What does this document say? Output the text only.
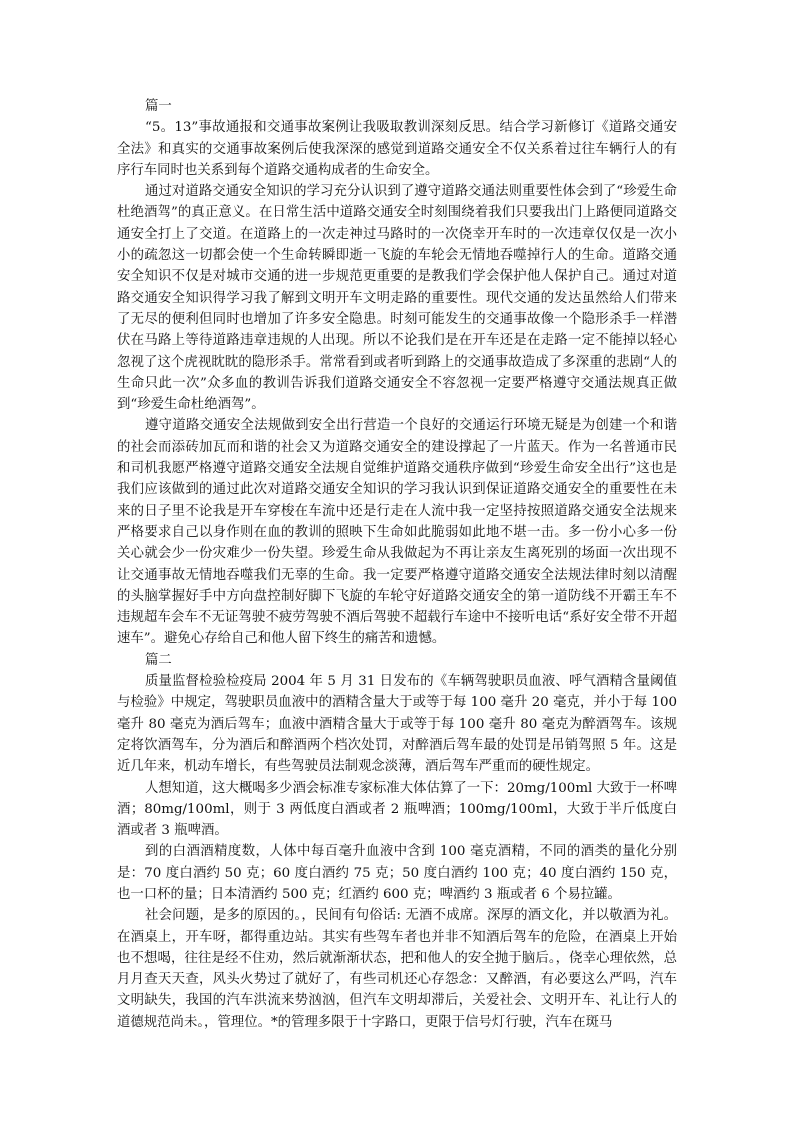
篇一

“5。13”事故通报和交通事故案例让我吸取教训深刻反思。结合学习新修订《道路交通安全法》和真实的交通事故案例后使我深深的感觉到道路交通安全不仅关系着过往车辆行人的有序行车同时也关系到每个道路交通构成者的生命安全。

通过对道路交通安全知识的学习充分认识到了遵守道路交通法则重要性体会到了“珍爱生命杜绝酒驾”的真正意义。在日常生活中道路交通安全时刻围绕着我们只要我出门上路便同道路交通安全打上了交道。在道路上的一次走神过马路时的一次侥幸开车时的一次违章仅仅是一次小小的疏忽这一切都会使一个生命转瞬即逝一飞旋的车轮会无情地吞噬掉行人的生命。道路交通安全知识不仅是对城市交通的进一步规范更重要的是教我们学会保护他人保护自己。通过对道路交通安全知识得学习我了解到文明开车文明走路的重要性。现代交通的发达虽然给人们带来了无尽的便利但同时也增加了许多安全隐患。时刻可能发生的交通事故像一个隐形杀手一样潜伏在马路上等待道路违章违规的人出现。所以不论我们是在开车还是在走路一定不能掉以轻心忽视了这个虎视眈眈的隐形杀手。常常看到或者听到路上的交通事故造成了多深重的悲剧“人的生命只此一次”众多血的教训告诉我们道路交通安全不容忽视一定要严格遵守交通法规真正做到“珍爱生命杜绝酒驾”。

遵守道路交通安全法规做到安全出行营造一个良好的交通运行环境无疑是为创建一个和谐的社会而添砖加瓦而和谐的社会又为道路交通安全的建设撑起了一片蓝天。作为一名普通市民和司机我愿严格遵守道路交通安全法规自觉维护道路交通秩序做到“珍爱生命安全出行”这也是我们应该做到的通过此次对道路交通安全知识的学习我认识到保证道路交通安全的重要性在未来的日子里不论我是开车穿梭在车流中还是行走在人流中我一定坚持按照道路交通安全法规来严格要求自己以身作则在血的教训的照映下生命如此脆弱如此地不堪一击。多一份小心多一份关心就会少一份灾难少一份失望。珍爱生命从我做起为不再让亲友生离死别的场面一次出现不让交通事故无情地吞噬我们无辜的生命。我一定要严格遵守道路交通安全法规法律时刻以清醒的头脑掌握好手中方向盘控制好脚下飞旋的车轮守好道路交通安全的第一道防线不开霸王车不违规超车会车不无证驾驶不疲劳驾驶不酒后驾驶不超载行车途中不接听电话“系好安全带不开超速车”。避免心存给自己和他人留下终生的痛苦和遗憾。

篇二

质量监督检验检疫局 2004 年 5 月 31 日发布的《车辆驾驶职员血液、呼气酒精含量阈值与检验》中规定，驾驶职员血液中的酒精含量大于或等于每 100 毫升 20 毫克，并小于每 100 毫升 80 毫克为酒后驾车；血液中酒精含量大于或等于每 100 毫升 80 毫克为醉酒驾车。该规定将饮酒驾车，分为酒后和醉酒两个档次处罚，对醉酒后驾车最的处罚是吊销驾照 5 年。这是近几年来，机动车增长，有些驾驶员法制观念淡薄，酒后驾车严重而的硬性规定。

人想知道，这大概喝多少酒会标准专家标准大体估算了一下：20mg/100ml 大致于一杯啤酒；80mg/100ml，则于 3 两低度白酒或者 2 瓶啤酒；100mg/100ml，大致于半斤低度白酒或者 3 瓶啤酒。

到的白酒酒精度数，人体中每百毫升血液中含到 100 毫克酒精，不同的酒类的量化分别是：70 度白酒约 50 克；60 度白酒约 75 克；50 度白酒约 100 克；40 度白酒约 150 克，也一口杯的量；日本清酒约 500 克；红酒约 600 克；啤酒约 3 瓶或者 6 个易拉罐。

社会问题，是多的原因的。，民间有句俗话: 无酒不成席。深厚的酒文化，并以敬酒为礼。在酒桌上，开车呀，都得重边站。其实有些驾车者也并非不知酒后驾车的危险，在酒桌上开始也不想喝，往往是经不住劝，然后就渐渐状态，把和他人的安全抛于脑后。，侥幸心理依然，总月月查天天查，风头火势过了就好了，有些司机还心存怨念：又醉酒，有必要这么严吗，汽车文明缺失，我国的汽车洪流来势汹汹，但汽车文明却滞后，关爱社会、文明开车、礼让行人的道德规范尚未。，管理位。*的管理多限于十字路口，更限于信号灯行驶，汽车在斑马
